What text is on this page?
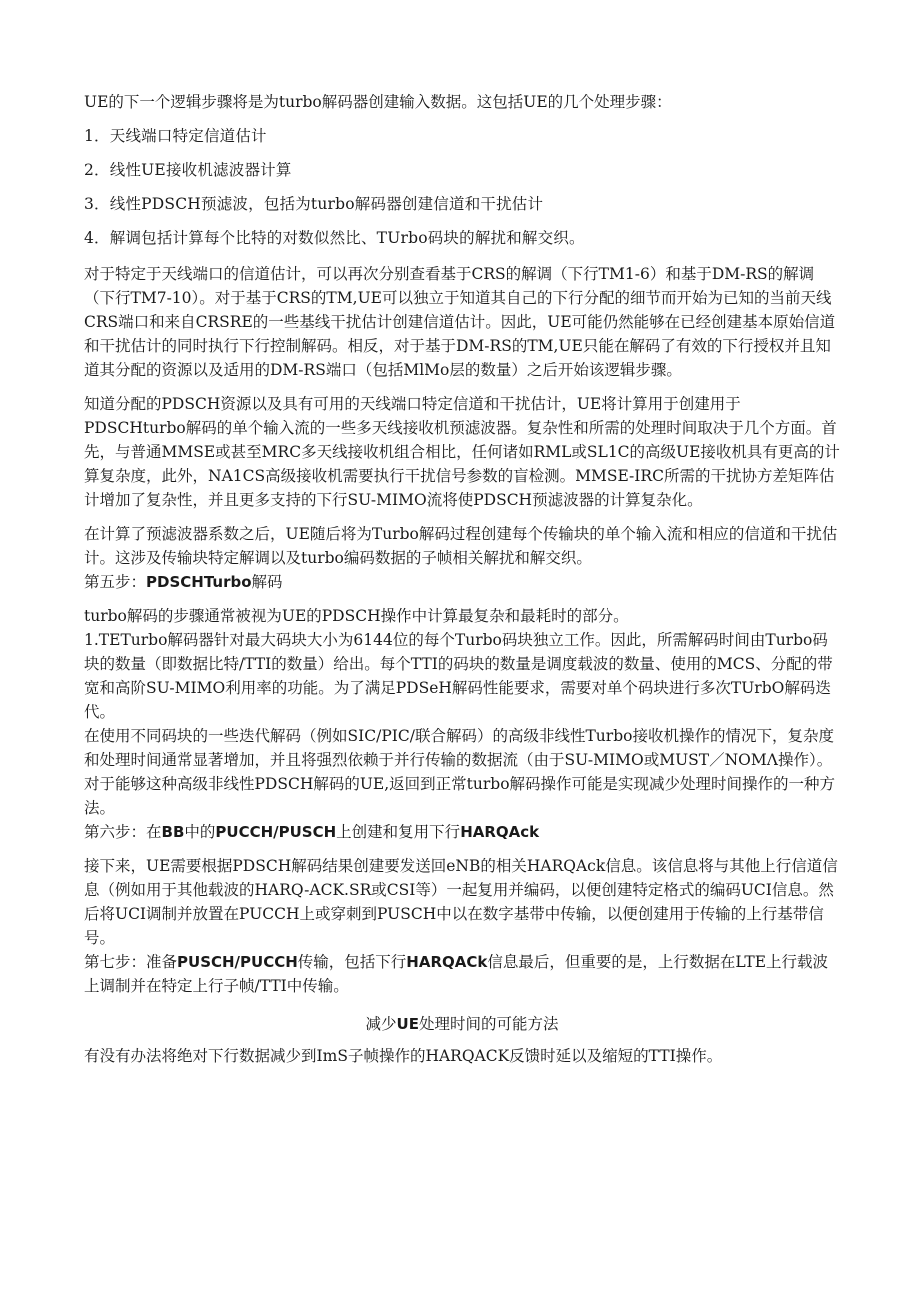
UE的下一个逻辑步骤将是为turbo解码器创建输入数据。这包括UE的几个处理步骤：

1．天线端口特定信道估计

2．线性UE接收机滤波器计算

3．线性PDSCH预滤波，包括为turbo解码器创建信道和干扰估计

4．解调包括计算每个比特的对数似然比、TUrbo码块的解扰和解交织。

对于特定于天线端口的信道估计，可以再次分别查看基于CRS的解调（下行TM1-6）和基于DM-RS的解调（下行TM7-10）。对于基于CRS的TM,UE可以独立于知道其自己的下行分配的细节而开始为已知的当前天线CRS端口和来自CRSRE的一些基线干扰估计创建信道估计。因此，UE可能仍然能够在已经创建基本原始信道和干扰估计的同时执行下行控制解码。相反，对于基于DM-RS的TM,UE只能在解码了有效的下行授权并且知道其分配的资源以及适用的DM-RS端口（包括MlMo层的数量）之后开始该逻辑步骤。

知道分配的PDSCH资源以及具有可用的天线端口特定信道和干扰估计，UE将计算用于创建用于PDSCHturbo解码的单个输入流的一些多天线接收机预滤波器。复杂性和所需的处理时间取决于几个方面。首先，与普通MMSE或甚至MRC多天线接收机组合相比，任何诸如RML或SL1C的高级UE接收机具有更高的计算复杂度，此外，NA1CS高级接收机需要执行干扰信号参数的盲检测。MMSE-IRC所需的干扰协方差矩阵估计增加了复杂性，并且更多支持的下行SU-MIMO流将使PDSCH预滤波器的计算复杂化。

在计算了预滤波器系数之后，UE随后将为Turbo解码过程创建每个传输块的单个输入流和相应的信道和干扰估计。这涉及传输块特定解调以及turbo编码数据的子帧相关解扰和解交织。

第五步：PDSCHTurbo解码

turbo解码的步骤通常被视为UE的PDSCH操作中计算最复杂和最耗时的部分。

1.TETurbo解码器针对最大码块大小为6144位的每个Turbo码块独立工作。因此，所需解码时间由Turbo码块的数量（即数据比特/TTI的数量）给出。每个TTI的码块的数量是调度载波的数量、使用的MCS、分配的带宽和高阶SU-MIMO利用率的功能。为了满足PDSeH解码性能要求，需要对单个码块进行多次TUrbO解码迭代。

在使用不同码块的一些迭代解码（例如SIC/PIC/联合解码）的高级非线性Turbo接收机操作的情况下，复杂度和处理时间通常显著增加，并且将强烈依赖于并行传输的数据流（由于SU-MIMO或MUST／NOMΛ操作）。对于能够这种高级非线性PDSCH解码的UE,返回到正常turbo解码操作可能是实现减少处理时间操作的一种方法。

第六步：在BB中的PUCCH/PUSCH上创建和复用下行HARQAck

接下来，UE需要根据PDSCH解码结果创建要发送回eNB的相关HARQAck信息。该信息将与其他上行信道信息（例如用于其他载波的HARQ-ACK.SR或CSI等）一起复用并编码，以便创建特定格式的编码UCI信息。然后将UCI调制并放置在PUCCH上或穿刺到PUSCH中以在数字基带中传输，以便创建用于传输的上行基带信号。

第七步：准备PUSCH/PUCCH传输，包括下行HARQACk信息最后，但重要的是，上行数据在LTE上行载波上调制并在特定上行子帧/TTI中传输。

减少UE处理时间的可能方法

有没有办法将绝对下行数据减少到ImS子帧操作的HARQACK反馈时延以及缩短的TTI操作。
